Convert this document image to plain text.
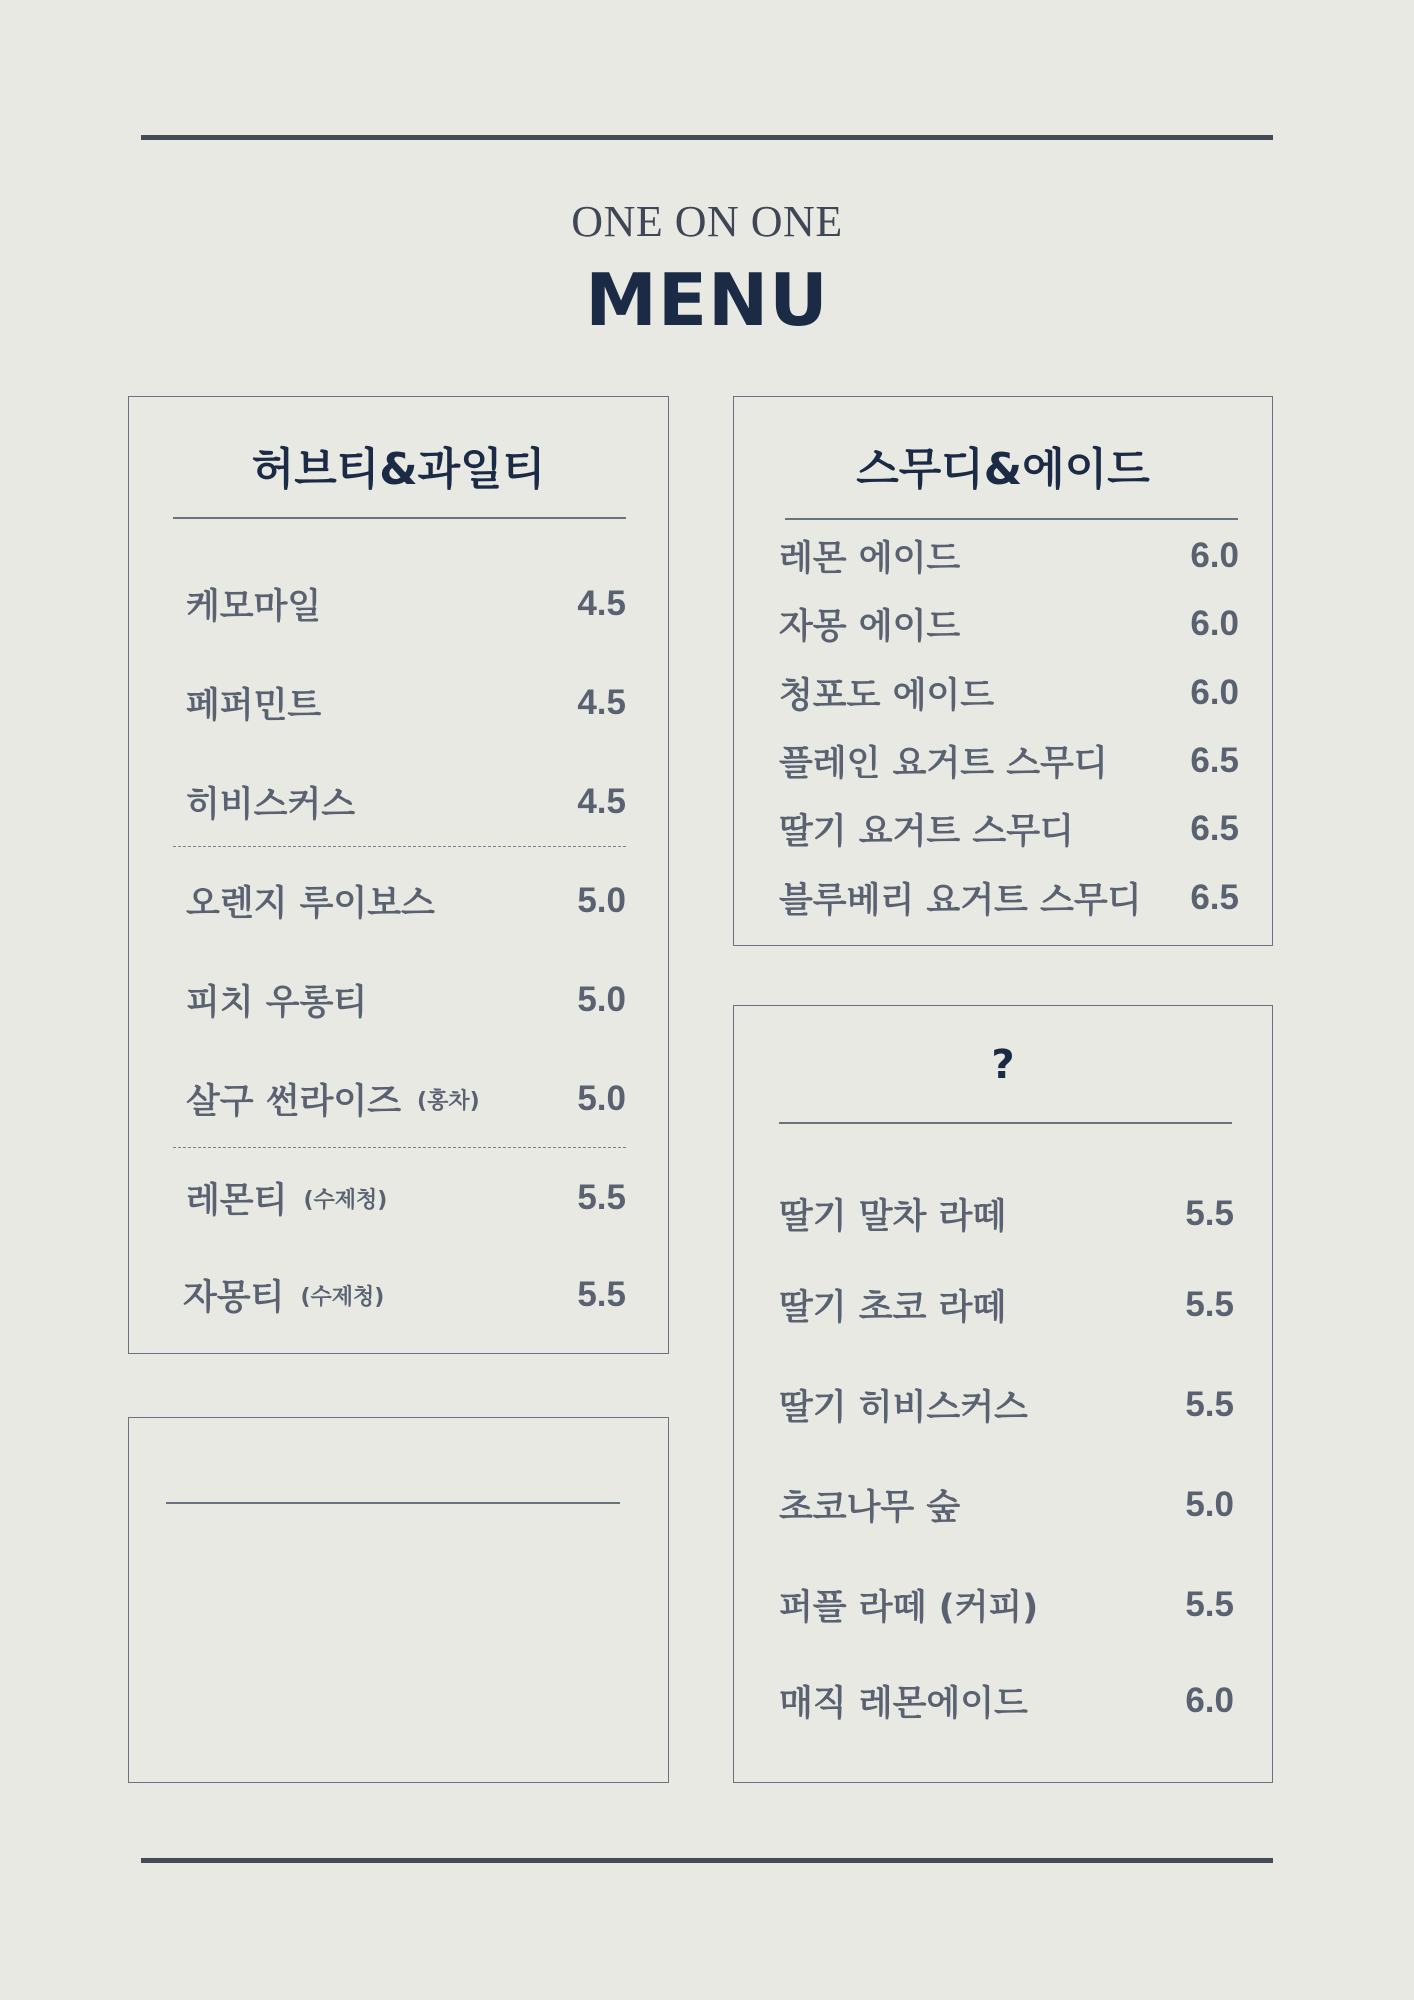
ONE ON ONE
MENU
허브티&과일티
케모마일	4.5
페퍼민트	4.5
히비스커스	4.5
오렌지 루이보스	5.0
피치 우롱티	5.0
살구 썬라이즈 (홍차)	5.0
레몬티 (수제청)	5.5
자몽티 (수제청)	5.5
스무디&에이드
레몬 에이드	6.0
자몽 에이드	6.0
청포도 에이드	6.0
플레인 요거트 스무디 6.5
딸기 요거트 스무디	6.5
블루베리 요거트 스무디 6.5
?
딸기 말차 라떼	5.5
딸기 초코 라떼	5.5
딸기 히비스커스	5.5
초코나무 숲	5.0
퍼플 라떼 (커피)	5.5
매직 레몬에이드	6.0
